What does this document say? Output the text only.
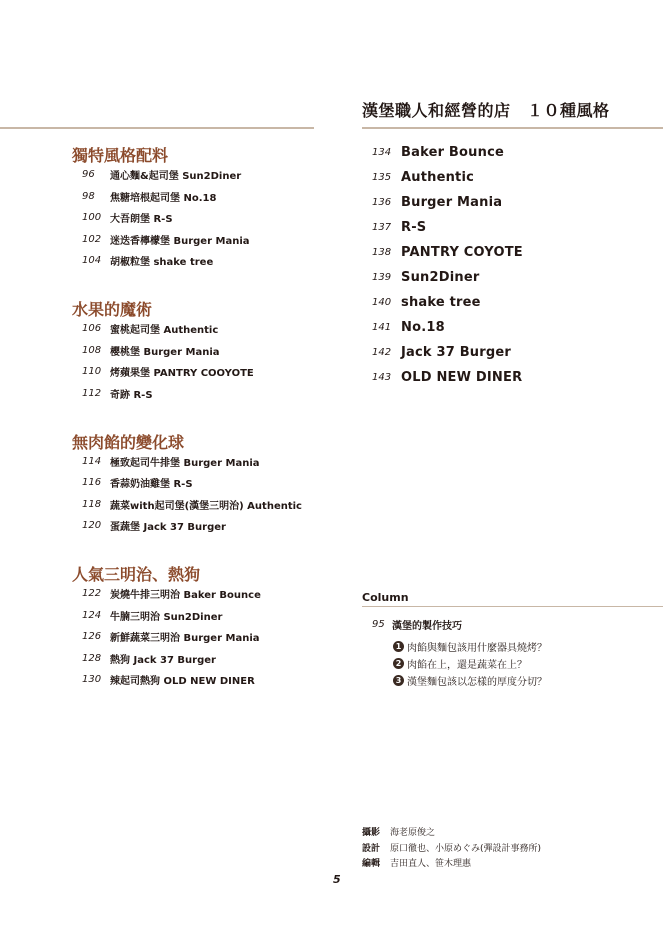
漢堡職人和經營的店　１０種風格
獨特風格配料
96	通心麵&起司堡 Sun2Diner
98	焦糖培根起司堡 No.18
100 大吾朗堡 R-S
102 迷迭香檸檬堡 Burger Mania
104 胡椒粒堡 shake tree
水果的魔術
106 蜜桃起司堡 Authentic
108 櫻桃堡 Burger Mania
110 烤蘋果堡 PANTRY COOYOTE
112 奇跡 R-S
無肉餡的變化球
114 極致起司牛排堡 Burger Mania
116 香蒜奶油雞堡 R-S
118 蔬菜with起司堡(漢堡三明治) Authentic
120 蛋蔬堡 Jack 37 Burger
人氣三明治、熱狗
122 炭燒牛排三明治 Baker Bounce
124 牛腩三明治 Sun2Diner
126 新鮮蔬菜三明治 Burger Mania
128 熱狗 Jack 37 Burger
130 辣起司熱狗 OLD NEW DINER
134 Baker Bounce
135 Authentic
136 Burger Mania
137 R-S
138 PANTRY COYOTE
139 Sun2Diner
140 shake tree
141 No.18
142 Jack 37 Burger
143 OLD NEW DINER
Column
95 漢堡的製作技巧
1 肉餡與麵包該用什麼器具燒烤？
2 肉餡在上，還是蔬菜在上？
3 漢堡麵包該以怎樣的厚度分切？
攝影	海老原俊之
設計	原口徹也、小原めぐみ(彈設計事務所)
編輯	吉田直人、笹木理惠
5
